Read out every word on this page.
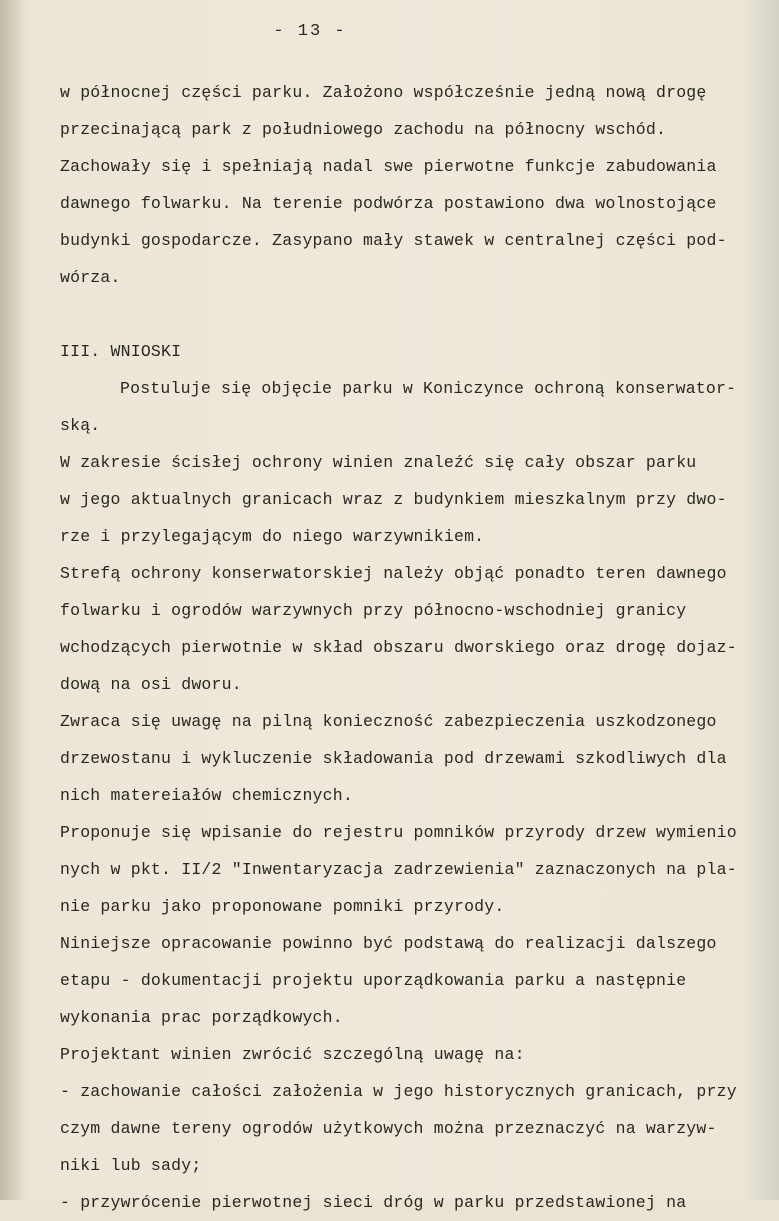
- 13 -
w północnej części parku. Założono współcześnie jedną nową drogę
przecinającą park z południowego zachodu na północny wschód.
Zachowały się i spełniają nadal swe pierwotne funkcje zabudowania
dawnego folwarku. Na terenie podwórza postawiono dwa wolnostojące
budynki gospodarcze. Zasypano mały stawek w centralnej części pod-
wórza.
III. WNIOSKI
Postuluje się objęcie parku w Koniczyncе ochroną konserwator-
ską.
W zakresie ścisłej ochrony winien znaleźć się cały obszar parku
w jego aktualnych granicach wraz z budynkiem mieszkalnym przy dwo-
rze i przylegającym do niego warzywnikiem.
Strefą ochrony konserwatorskiej należy objąć ponadto teren dawnego
folwarku i ogrodów warzywnych przy północno-wschodniej granicy
wchodzących pierwotnie w skład obszaru dworskiego oraz drogę dojaz-
dową na osi dworu.
Zwraca się uwagę na pilną konieczność zabezpieczenia uszkodzonego
drzewostanu i wykluczenie składowania pod drzewami szkodliwych dla
nich matereiałów chemicznych.
Proponuje się wpisanie do rejestru pomników przyrody drzew wymienio
nych w pkt. II/2 "Inwentaryzacja zadrzewienia" zaznaczonych na pla-
nie parku jako proponowane pomniki przyrody.
Niniejsze opracowanie powinno być podstawą do realizacji dalszego
etapu - dokumentacji projektu uporządkowania parku a następnie
wykonania prac porządkowych.
Projektant winien zwrócić szczególną uwagę na:
- zachowanie całości założenia w jego historycznych granicach, przy
czym dawne tereny ogrodów użytkowych można przeznaczyć na warzyw-
niki lub sady;
- przywrócenie pierwotnej sieci dróg w parku przedstawionej na
